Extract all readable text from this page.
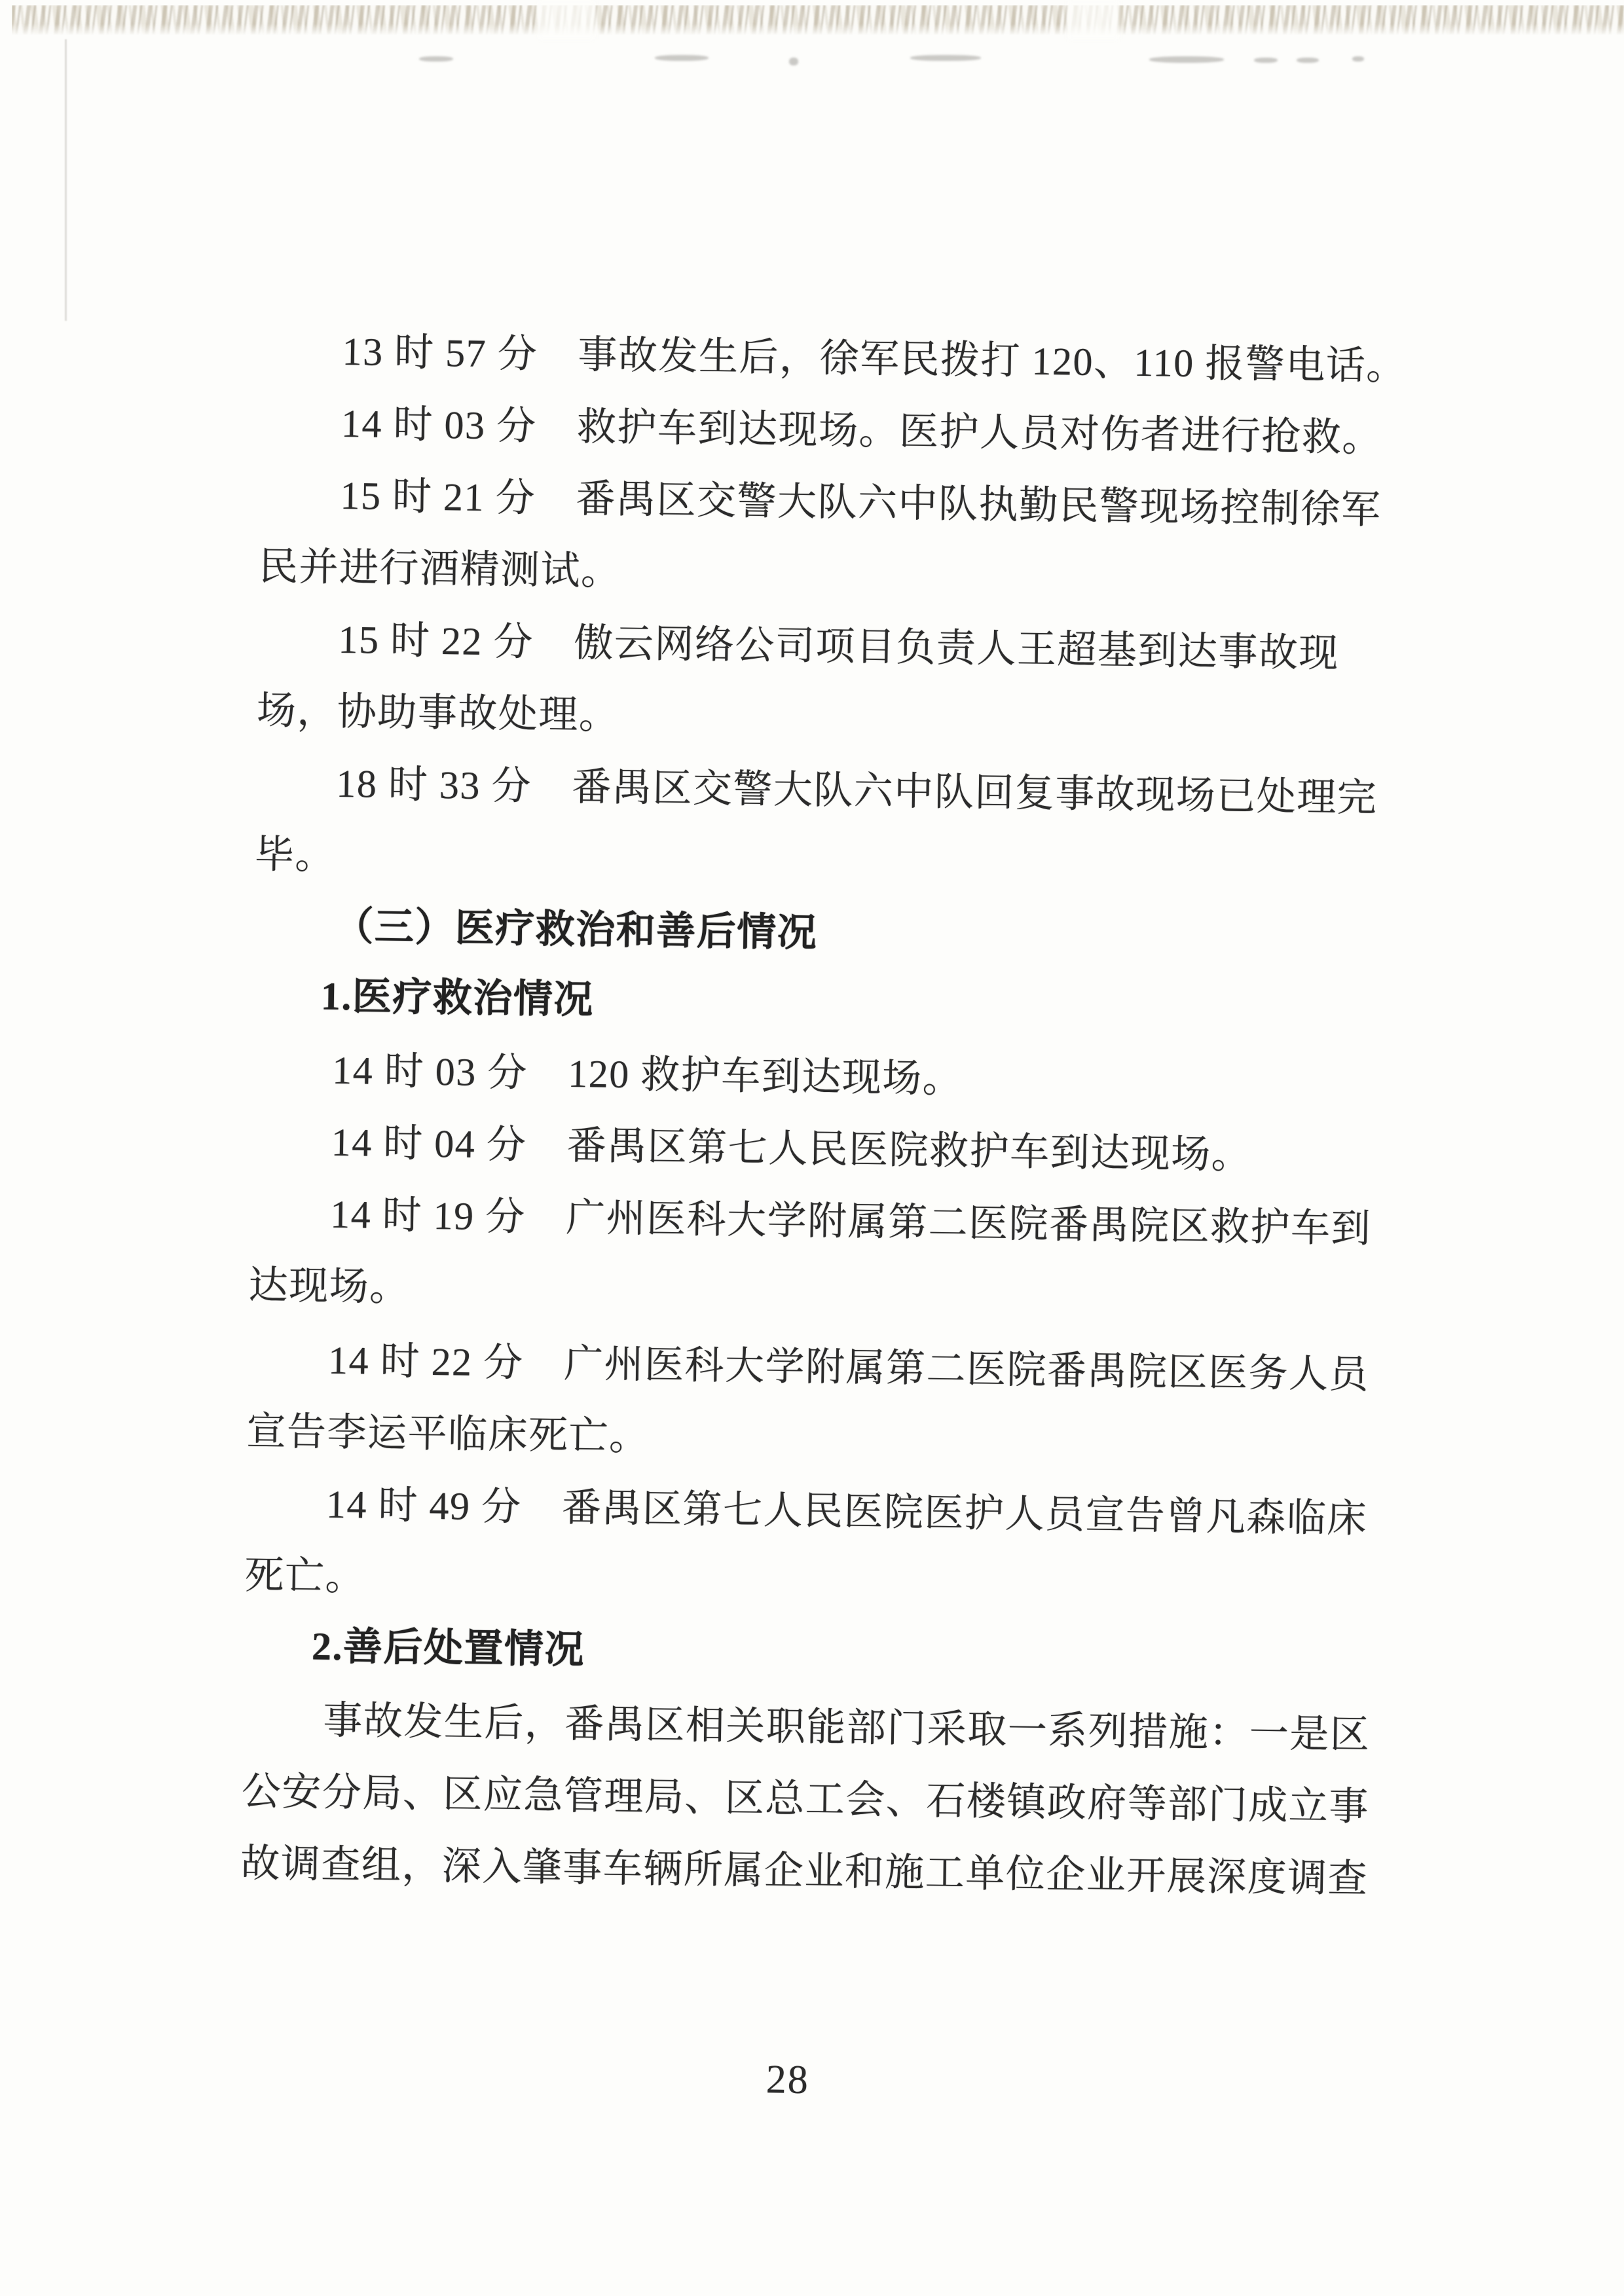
13 时 57 分　事故发生后，徐军民拨打 120、110 报警电话。
14 时 03 分　救护车到达现场。医护人员对伤者进行抢救。
15 时 21 分　番禺区交警大队六中队执勤民警现场控制徐军
民并进行酒精测试。
15 时 22 分　傲云网络公司项目负责人王超基到达事故现
场，协助事故处理。
18 时 33 分　番禺区交警大队六中队回复事故现场已处理完
毕。
（三）医疗救治和善后情况
1.医疗救治情况
14 时 03 分　120 救护车到达现场。
14 时 04 分　番禺区第七人民医院救护车到达现场。
14 时 19 分　广州医科大学附属第二医院番禺院区救护车到
达现场。
14 时 22 分　广州医科大学附属第二医院番禺院区医务人员
宣告李运平临床死亡。
14 时 49 分　番禺区第七人民医院医护人员宣告曾凡森临床
死亡。
2.善后处置情况
事故发生后，番禺区相关职能部门采取一系列措施：一是区
公安分局、区应急管理局、区总工会、石楼镇政府等部门成立事
故调查组，深入肇事车辆所属企业和施工单位企业开展深度调查
28
